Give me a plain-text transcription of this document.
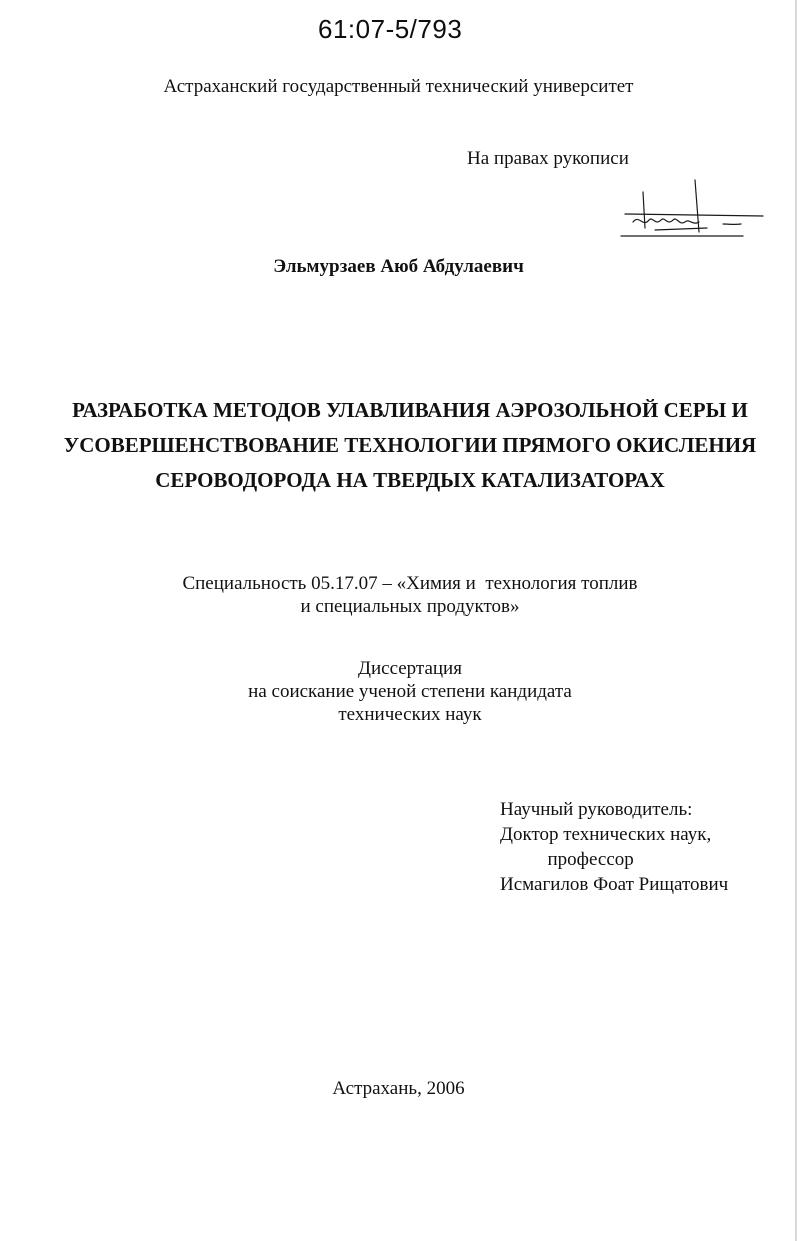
61:07-5/793
Астраханский государственный технический университет
На правах рукописи
Эльмурзаев Аюб Абдулаевич
РАЗРАБОТКА МЕТОДОВ УЛАВЛИВАНИЯ АЭРОЗОЛЬНОЙ СЕРЫ И
УСОВЕРШЕНСТВОВАНИЕ ТЕХНОЛОГИИ ПРЯМОГО ОКИСЛЕНИЯ
СЕРОВОДОРОДА НА ТВЕРДЫХ КАТАЛИЗАТОРАХ
Специальность 05.17.07 – «Химия и  технология топлив
и специальных продуктов»
Диссертация
на соискание ученой степени кандидата
технических наук
Научный руководитель:
Доктор технических наук,
профессор
Исмагилов Фоат Рищатович
Астрахань, 2006
